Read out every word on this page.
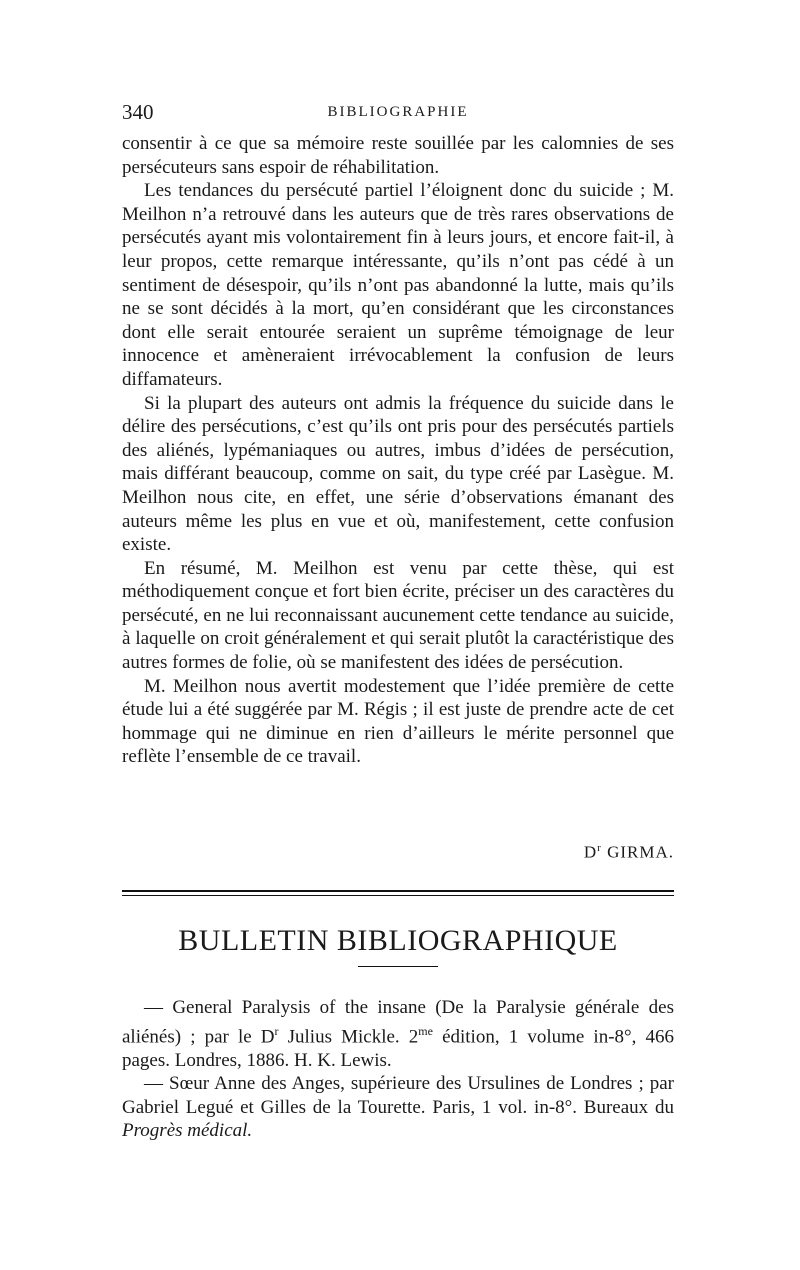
340	BIBLIOGRAPHIE

consentir à ce que sa mémoire reste souillée par les calomnies de ses persécuteurs sans espoir de réhabilitation.

Les tendances du persécuté partiel l’éloignent donc du suicide ; M. Meilhon n’a retrouvé dans les auteurs que de très rares observations de persécutés ayant mis volontairement fin à leurs jours, et encore fait-il, à leur propos, cette remarque intéressante, qu’ils n’ont pas cédé à un sentiment de désespoir, qu’ils n’ont pas abandonné la lutte, mais qu’ils ne se sont décidés à la mort, qu’en considérant que les circonstances dont elle serait entourée seraient un suprême témoignage de leur innocence et amèneraient irrévocablement la confusion de leurs diffamateurs.

Si la plupart des auteurs ont admis la fréquence du suicide dans le délire des persécutions, c’est qu’ils ont pris pour des persécutés partiels des aliénés, lypémaniaques ou autres, imbus d’idées de persécution, mais différant beaucoup, comme on sait, du type créé par Lasègue. M. Meilhon nous cite, en effet, une série d’observations émanant des auteurs même les plus en vue et où, manifestement, cette confusion existe.

En résumé, M. Meilhon est venu par cette thèse, qui est méthodiquement conçue et fort bien écrite, préciser un des caractères du persécuté, en ne lui reconnaissant aucunement cette tendance au suicide, à laquelle on croit généralement et qui serait plutôt la caractéristique des autres formes de folie, où se manifestent des idées de persécution.

M. Meilhon nous avertit modestement que l’idée première de cette étude lui a été suggérée par M. Régis ; il est juste de prendre acte de cet hommage qui ne diminue en rien d’ailleurs le mérite personnel que reflète l’ensemble de ce travail.

$D^r$ GIRMA.
BULLETIN BIBLIOGRAPHIQUE

— General Paralysis of the insane (De la Paralysie générale des aliénés) ; par le $D^r$ Julius Mickle. $2^{me}$ édition, 1 volume in-8°, 466 pages. Londres, 1886. H. K. Lewis.

— Sœur Anne des Anges, supérieure des Ursulines de Londres ; par Gabriel Legué et Gilles de la Tourette. Paris, 1 vol. in-8°. Bureaux du Progrès médical.
